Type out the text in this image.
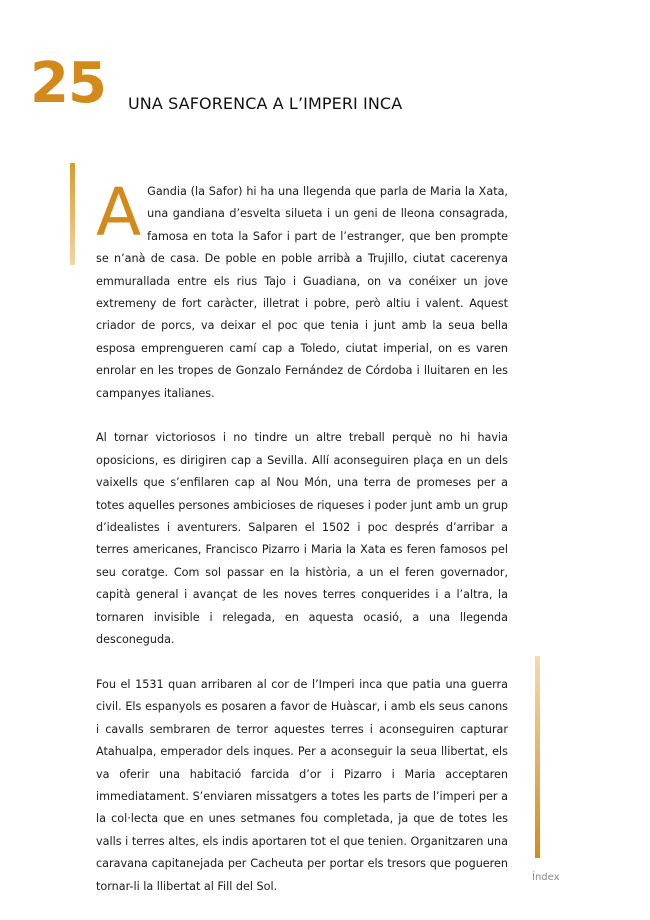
25 UNA SAFORENCA A L’IMPERI INCA

A Gandia (la Safor) hi ha una llegenda que parla de Maria la Xata, una gandiana d’esvelta silueta i un geni de lleona consagrada, famosa en tota la Safor i part de l’estranger, que ben prompte se n’anà de casa. De poble en poble arribà a Trujillo, ciutat cacerenya emmurallada entre els rius Tajo i Guadiana, on va conéixer un jove extremeny de fort caràcter, illetrat i pobre, però altiu i valent. Aquest criador de porcs, va deixar el poc que tenia i junt amb la seua bella esposa emprengueren camí cap a Toledo, ciutat imperial, on es varen enrolar en les tropes de Gonzalo Fernández de Córdoba i lluitaren en les campanyes italianes.

Al tornar victoriosos i no tindre un altre treball perquè no hi havia oposicions, es dirigiren cap a Sevilla. Allí aconseguiren plaça en un dels vaixells que s’enfilaren cap al Nou Món, una terra de promeses per a totes aquelles persones ambicioses de riqueses i poder junt amb un grup d’idealistes i aventurers. Salparen el 1502 i poc després d’arribar a terres americanes, Francisco Pizarro i Maria la Xata es feren famosos pel seu coratge. Com sol passar en la història, a un el feren governador, capità general i avançat de les noves terres conquerides i a l’altra, la tornaren invisible i relegada, en aquesta ocasió, a una llegenda desconeguda.

Fou el 1531 quan arribaren al cor de l’Imperi inca que patia una guerra civil. Els espanyols es posaren a favor de Huàscar, i amb els seus canons i cavalls sembraren de terror aquestes terres i aconseguiren capturar Atahualpa, emperador dels inques. Per a aconseguir la seua llibertat, els va oferir una habitació farcida d’or i Pizarro i Maria acceptaren immediatament. S’enviaren missatgers a totes les parts de l’imperi per a la col·lecta que en unes setmanes fou completada, ja que de totes les valls i terres altes, els indis aportaren tot el que tenien. Organitzaren una caravana capitanejada per Cacheuta per portar els tresors que pogueren tornar-li la llibertat al Fill del Sol.

Índex
